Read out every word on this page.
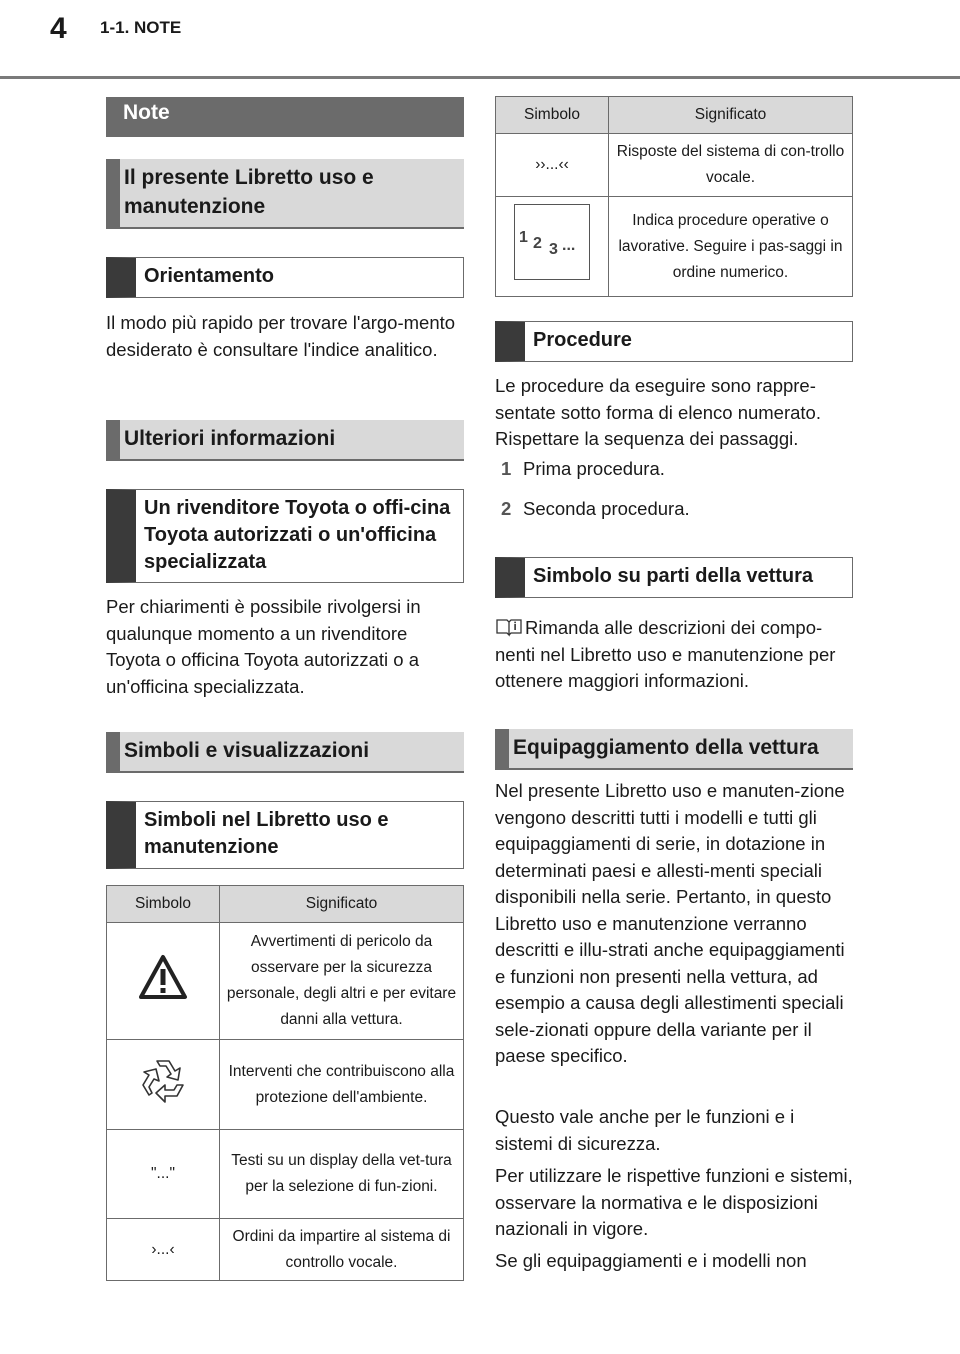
4 1-1. NOTE
Note
Il presente Libretto uso e manutenzione
Orientamento
Il modo più rapido per trovare l'argo-mento desiderato è consultare l'indice analitico.
Ulteriori informazioni
Un rivenditore Toyota o offi-cina Toyota autorizzati o un'officina specializzata
Per chiarimenti è possibile rivolgersi in qualunque momento a un rivenditore Toyota o officina Toyota autorizzati o a un'officina specializzata.
Simboli e visualizzazioni
Simboli nel Libretto uso e manutenzione
Simbolo	Significato
	Avvertimenti di pericolo da osservare per la sicurezza personale, degli altri e per evitare danni alla vettura.
	Interventi che contribuiscono alla protezione dell'ambiente.
"..."	Testi su un display della vet-tura per la selezione di fun-zioni.
›...‹	Ordini da impartire al sistema di controllo vocale.
Simbolo	Significato
››...‹‹	Risposte del sistema di con-trollo vocale.

1 2 3 ...	Indica procedure operative o lavorative. Seguire i pas-saggi in ordine numerico.
Procedure
Le procedure da eseguire sono rappre-sentate sotto forma di elenco numerato. Rispettare la sequenza dei passaggi.
1 Prima procedura.
2 Seconda procedura.
Simbolo su parti della vettura
Rimanda alle descrizioni dei compo-nenti nel Libretto uso e manutenzione per ottenere maggiori informazioni.
Equipaggiamento della vettura
Nel presente Libretto uso e manuten-zione vengono descritti tutti i modelli e tutti gli equipaggiamenti di serie, in dotazione in determinati paesi e allesti-menti speciali disponibili nella serie. Pertanto, in questo Libretto uso e manutenzione verranno descritti e illu-strati anche equipaggiamenti e funzioni non presenti nella vettura, ad esempio a causa degli allestimenti speciali sele-zionati oppure della variante per il paese specifico.
Questo vale anche per le funzioni e i sistemi di sicurezza.
Per utilizzare le rispettive funzioni e sistemi, osservare la normativa e le disposizioni nazionali in vigore.
Se gli equipaggiamenti e i modelli non
